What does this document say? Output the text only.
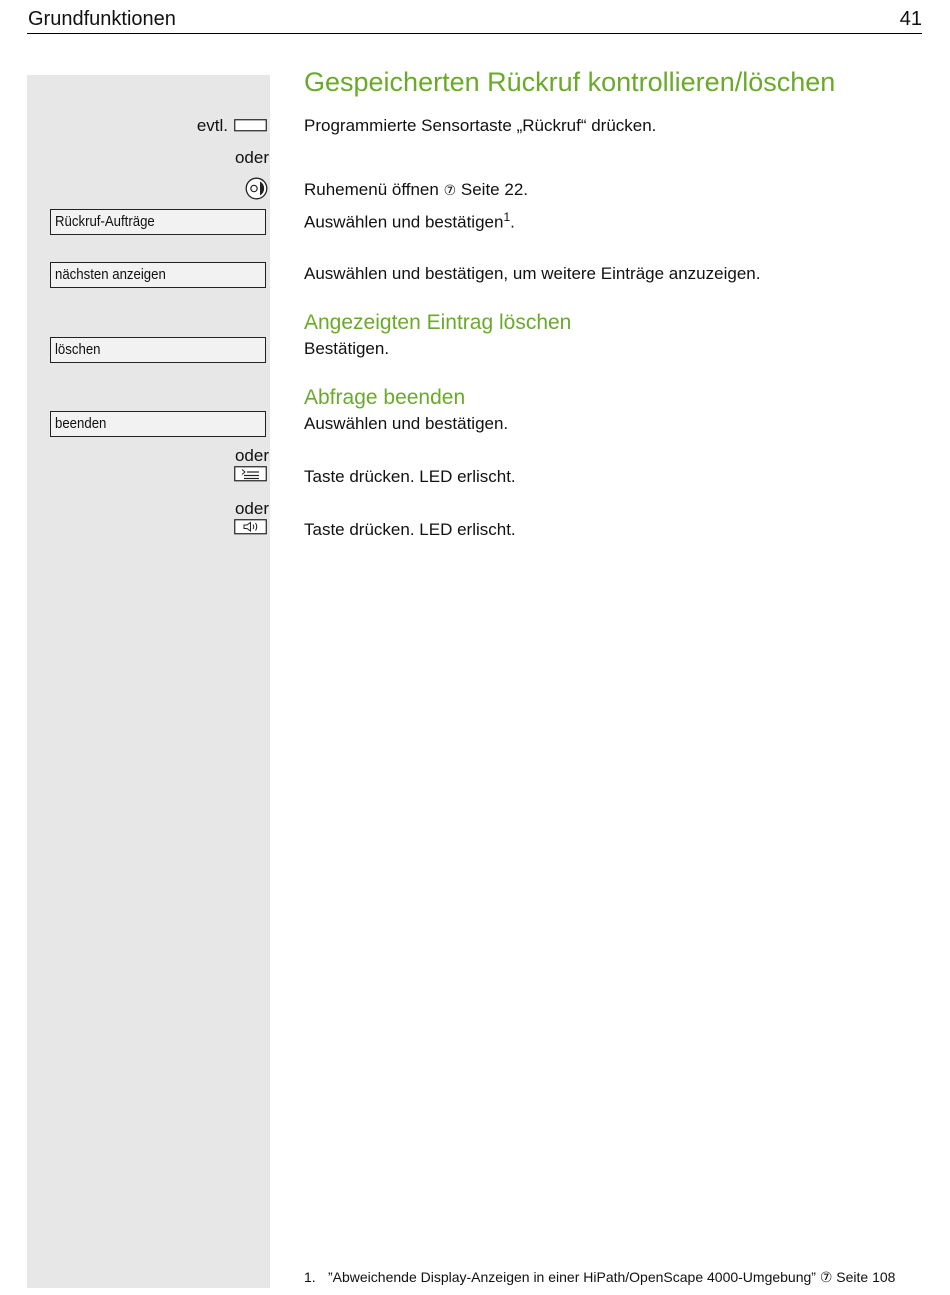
Grundfunktionen	41
evtl.
oder
Rückruf-Aufträge
nächsten anzeigen
löschen
beenden
oder
oder
Gespeicherten Rückruf kontrollieren/löschen
Programmierte Sensortaste „Rückruf“ drücken.
Ruhemenü öffnen ⑦ Seite 22.
Auswählen und bestätigen$^1$.
Auswählen und bestätigen, um weitere Einträge anzuzeigen.
Angezeigten Eintrag löschen
Bestätigen.
Abfrage beenden
Auswählen und bestätigen.
Taste drücken. LED erlischt.
Taste drücken. LED erlischt.
1. ”Abweichende Display-Anzeigen in einer HiPath/OpenScape 4000-Umgebung” ⑦ Seite 108
